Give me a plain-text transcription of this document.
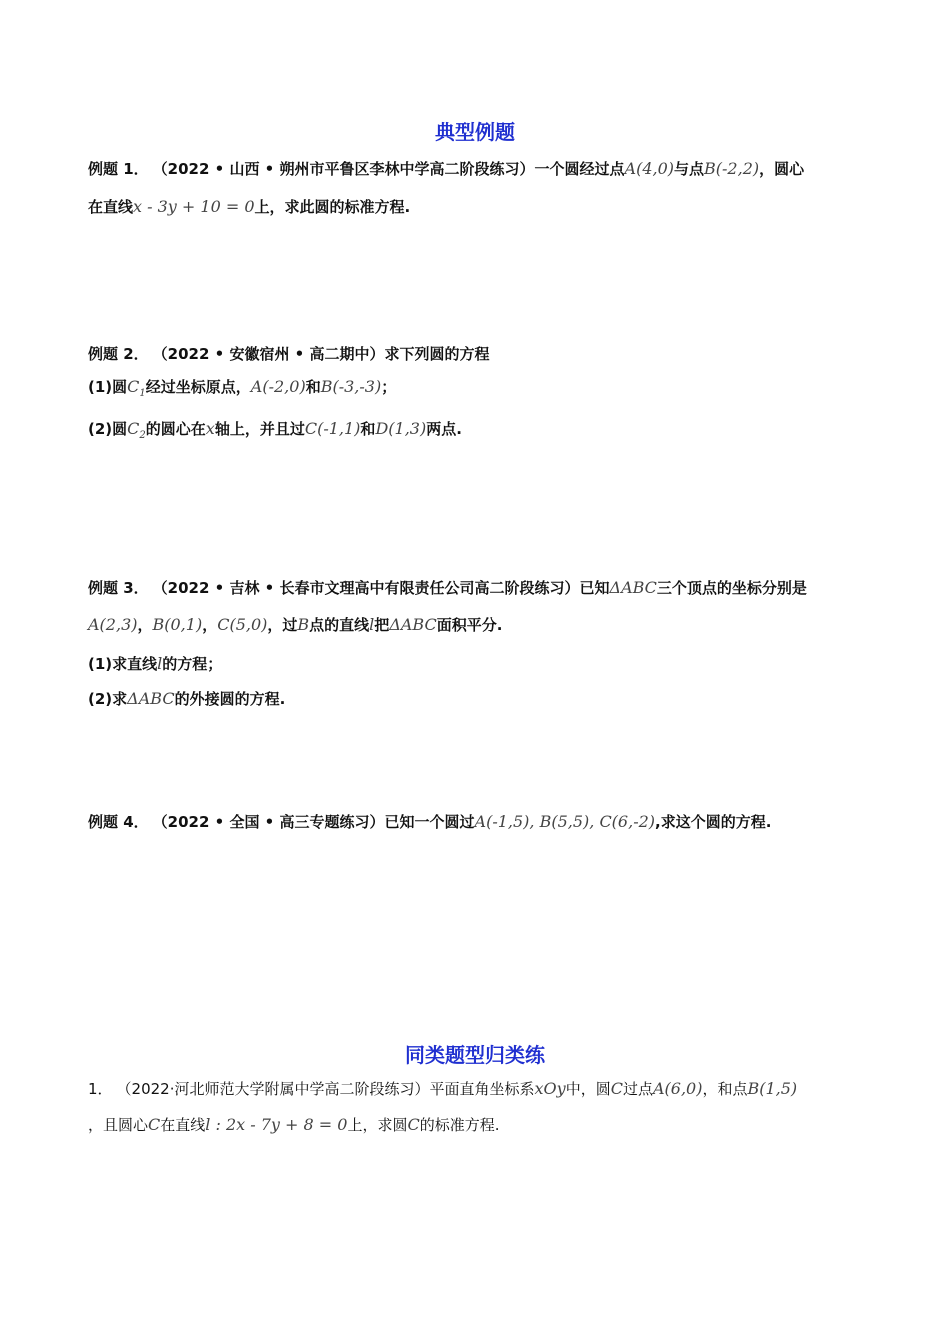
典型例题
例题 1． （2022 • 山西 • 朔州市平鲁区李林中学高二阶段练习）一个圆经过点A(4,0)与点B(-2,2)，圆心
在直线x - 3y + 10 = 0上，求此圆的标准方程.
例题 2． （2022 • 安徽宿州 • 高二期中）求下列圆的方程
(1)圆$C_1$经过坐标原点，A(-2,0)和B(-3,-3)；
(2)圆$C_2$的圆心在x轴上，并且过C(-1,1)和D(1,3)两点.
例题 3． （2022 • 吉林 • 长春市文理高中有限责任公司高二阶段练习）已知ΔABC三个顶点的坐标分别是
A(2,3)，B(0,1)，C(5,0)，过B点的直线l把ΔABC面积平分.
(1)求直线l的方程；
(2)求ΔABC的外接圆的方程.
例题 4． （2022 • 全国 • 高三专题练习）已知一个圆过A(-1,5), B(5,5), C(6,-2),求这个圆的方程.
同类题型归类练
1． （2022·河北师范大学附属中学高二阶段练习）平面直角坐标系xOy中，圆C过点A(6,0)，和点B(1,5)
，且圆心C在直线l : 2x - 7y + 8 = 0上，求圆C的标准方程.
